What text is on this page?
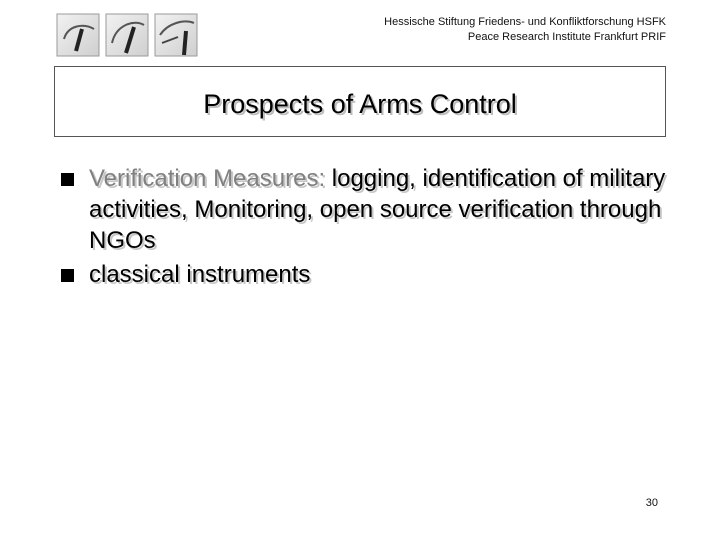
Hessische Stiftung Friedens- und Konfliktforschung HSFK
Peace Research Institute Frankfurt PRIF
Prospects of Arms Control
Verification Measures: logging, identification of military activities, Monitoring, open source verification through NGOs
classical instruments
30
